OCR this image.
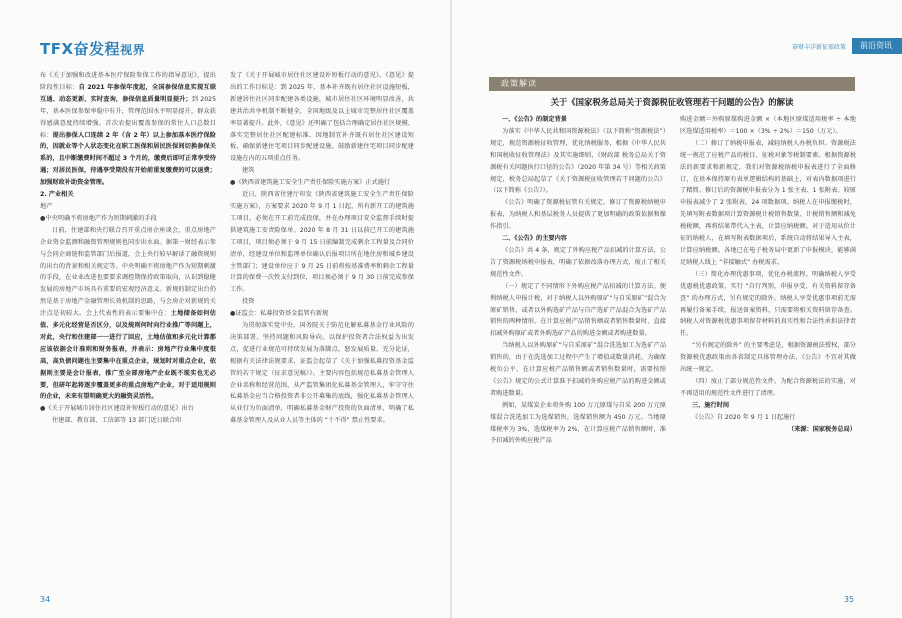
TFX奋发程视界

布《关于加强和改进基本医疗保险参保工作的指导意见》，提出阶段性目标：自 2021 年参保年度起，全国参保信息实现互联互通、动态更新、实时查询，参保信息质量明显提升；到 2025 年，基本医保参保率稳中有升，管理范围水平明显提升，群众获得感满意度持续增强。首次农提出覆盖参保的常住人口总数目标：提出参保人口连续 2 年（含 2 年）以上参加基本医疗保险的，因就业等个人状态变化在职工医保和居民医保间切换参保关系的，且中断缴费时间不超过 3 个月的，缴费后即可正常享受待遇；对居民医保，待遇享受期没有开始前重复缴费的可以退费；加强财政补助资金管理。

2. 产业相关

地产

●中央明确不将房地产作为短期刺激的手段

日前，住建部和央行联合召开重点房企座谈会，重点房地产企业资金监测和融资管理规则也同步出水面。据第一财经表示参与会同企商链和监管部门后报道，会上央行较早解读了融资规则的出台的背景和相关规定等。中央明确不将房地产作为短期刺激的手段，在业业改进也要要求调控期保持政策取向，认识到稳健发展的房地产市场具有重要的宏观经济意义。新规的制定出台仍然是基于房地产金融管理长效机制的思路，与会房企对新规的关注点是初较大。会上代表性的表示要集中在：土地储备如何估值、多元化经营是否区分，以及规则何时向行业推广等问题上，对此，央行和住建部一一进行了回应，土地估值和多元化计算都应该依据会计准则和财务报表，并表示：房地产行业集中度很高，高负债问题也主要集中在重点企业，规划时对重点企业，依据则主要是会计报表，推广至全部房地产企业既不现实也无必要，但研年起将逐步覆盖更多的重点房地产企业，对于适用规则的企业，未来有望明确更大的融资灵活性。

●《关于开展城市居住社区建设补短板行动的意见》出台

住建部、教育部、工信部等 13 部门近日联合印

发了《关于开展城市居住社区建设补短板行动的意见》。《意见》提出的工作目标是：到 2025 年，基本补齐既有居住社区设施短板，新建居住社区同步配建各类设施，城市居住社区环境明显改善，共建共治共享机制不断健全，全国地级及以上城市完整居住社区覆盖率显著提升。此外，《意见》还明确了包括合理确定居住社区规模、落实完整居住社区配建标准、因地制宜补齐既有居住社区建设短板、确保新建住宅项目同步配建设施、鼓励新建住宅项目同步配建设施在内的五项重点任务。

建筑

●《陕西省建筑施工安全生产责任保险实施方案》正式施行

近日，陕西省住建厅印发《陕西省建筑施工安全生产责任保险实施方案》，方案要求 2020 年 9 月 1 日起，所有新开工的建筑施工项目，必须在开工前完成投保，并在办理项目安全监督手续时提供建筑施工安责险保单。2020 年 8 月 31 日以前已开工的建筑施工项目，项目须必须于 9 月 15 日前编制完成剩余工程量及合同价清单，经建设单位和监理单位确认后报项目所在地住房和城乡建设主管部门；建设单位应于 9 月 25 日前将按基准费率和剩余工程量计算的保费一次性支付到位，项目须必须于 9 月 30 日前完成参保工作。

投资

●证监会：私募投资基金监管有新规

为贯彻落实党中央、国务院关于防范化解私募基金行业风险的决策部署，坚持问题和风险导向，以保护投资者合法权益为出发点，促进行业规范可持续发展为落脚点，怒发展质量、充分论证，根据有关法律法规要求，证监会起草了《关于加强私募投资基金监管的若干规定（征求意见稿）》。主要内容包括规范私募基金管理人企业名称和经营范围，从严监管集团化私募基金管理人，牢守守住私募基金应当合格投资者非公开募集的底线，强化私募基金管理人从业行为负面清单，明确私募基金财产投资的负面清单，明确了私募基金管理人及从业人员等主体的 “十不得” 禁止性要求。

34
奋财丰洋新征需政策	前沿资讯
政策解读
关于《国家税务总局关于资源税征收管理若干问题的公告》的解读

一、《公告》的制定背景

为落实《中华人民共和国资源税法》（以下简称“资源税法”）规定，规范资源税征收管理，优化纳税服务，根据《中华人民共和国税收征收管理法》及其实施细则、《财政部 税务总局关于资源税有关问题执行口径的公告》（2020 年第 34 号）等相关政策规定，税务总局起草了《关于资源税征收管理若干问题的公告》（以下简称《公告》）。

《公告》明确了资源税征管有关规定，修订了资源税纳税申报表，为纳税人和基层税务人员提供了更加明确的政策依据和操作指引。

二、《公告》的主要内容

《公告》共 4 条，规定了外购应税产品扣减的计算方法，公告了资源税纳税申报表，明确了依据改落办理方式，废止了相关规范性文件。

（一）规定了不同情形下外购应税产品扣减的计算方法。便利纳税人申报计税，对于纳税人以外购原矿“与自采原矿”混合为原矿销售，或者以外购选矿产品与自产选矿产品混合为选矿产品销售的两种情形，在计算应税产品销售额或者销售数量时，直接扣减外购原矿或者外购选矿产品的购进金额或者购进数量。

当纳税人以外购原矿“与自采原矿”混合洗选加工为选矿产品销售的，由于在洗选加工过程中产生了增值或数量消耗，为确保税负公平，在计算应税产品销售额或者销售数量时，需要按照《公告》规定的公式计算准予扣减的外购应税产品的购进金额或者购进数量。

例如，某煤炭企业将外购 100 万元原煤与自采 200 万元原煤混合洗选加工为选煤销售，选煤销售额为 450 万元。当地原煤税率为 3%，选煤税率为 2%，在计算应税产品销售额时，准予扣减的外购应税产品

购进金额＝外购原煤购进金额 ×（本地区原煤适用税率 ÷ 本地区选煤适用税率）＝100 ×（3% ÷ 2%）＝150（万元）。

（二）修订了纳税申报表，减轻纳税人办税负担。资源税法统一规范了应税产品的税目、征税对象等税制要素。根据资源税法的新要求和新规定，我们对资源税纳税申报表进行了全面修订，在基本保持原有表单逻辑结构的基础上，对表内数据项进行了精简。修订后的资源税申报表分为 1 张主表、1 张附表。较原申报表减少了 2 张附表，24 项数据项。纳税人在申报缴税时，先填写附表数据项计算资源税计税销售数量、计税销售额和减免税税额，再将结果带代入主表，计算应纳税额。对于适用从价计征的纳税人，在填写附表数据项后，系统自动将结果导入主表，计算应纳税额。各地已在电子税务局中更新了申报模块，能够满足纳税人线上 “非接触式” 办税需求。

（三）简化办理优惠事项，优化办税流程。明确纳税人享受优惠税优惠政策，实行 “自行判别，申报享受，有关资料留存备查” 的办理方式，另有规定的除外。纳税人享受优惠事项前无需再履行备案手续，报送备案资料，只需要将相关资料留存备查。纳税人对资源税优惠事项留存材料的真实性和合法性承担法律责任。

“另有规定的除外” 的主要考虑是，根据资源税法授权，部分资源税优惠政策由各省制定具体管理办法，《公告》不宜对其做出统一规定。

（四）废止了部分规范性文件。为配合资源税法的实施，对不再适用的规范性文件进行了清理。

三、施行时间

《公告》自 2020 年 9 月 1 日起施行

（来源：国家税务总局）

35
